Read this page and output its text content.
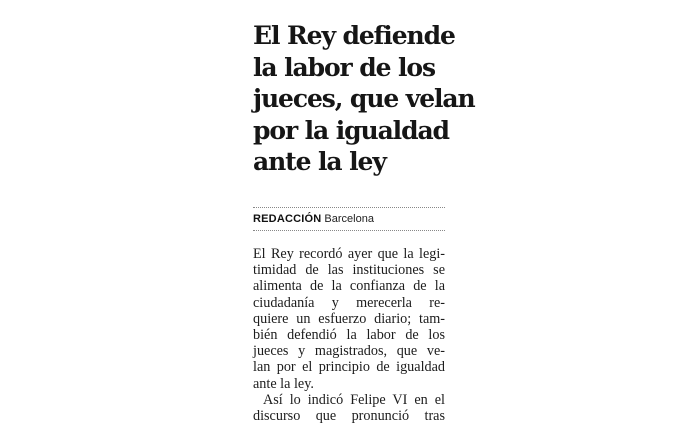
El Rey defiende
la labor de los
jueces, que velan
por la igualdad
ante la ley
REDACCIÓN Barcelona
El Rey recordó ayer que la legi-
timidad de las instituciones se
alimenta de la confianza de la
ciudadanía y merecerla re-
quiere un esfuerzo diario; tam-
bién defendió la labor de los
jueces y magistrados, que ve-
lan por el principio de igualdad
ante la ley.
Así lo indicó Felipe VI en el
discurso que pronunció tras
